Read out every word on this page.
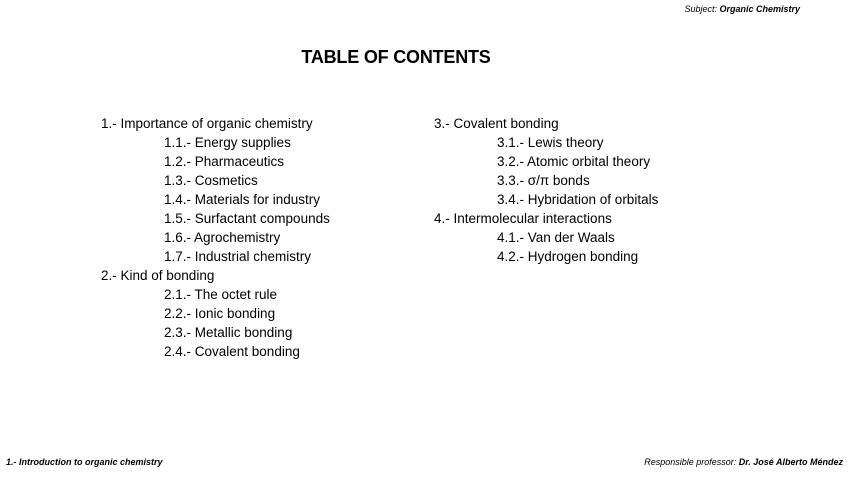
Subject: Organic Chemistry
TABLE OF CONTENTS
1.- Importance of organic chemistry
1.1.- Energy supplies
1.2.- Pharmaceutics
1.3.- Cosmetics
1.4.- Materials for industry
1.5.- Surfactant compounds
1.6.- Agrochemistry
1.7.- Industrial chemistry
2.- Kind of bonding
2.1.- The octet rule
2.2.- Ionic bonding
2.3.- Metallic bonding
2.4.- Covalent bonding
3.- Covalent bonding
3.1.- Lewis theory
3.2.- Atomic orbital theory
3.3.- σ/π bonds
3.4.- Hybridation of orbitals
4.- Intermolecular interactions
4.1.- Van der Waals
4.2.- Hydrogen bonding
1.- Introduction to organic chemistry	Responsible professor: Dr. José Alberto Méndez
